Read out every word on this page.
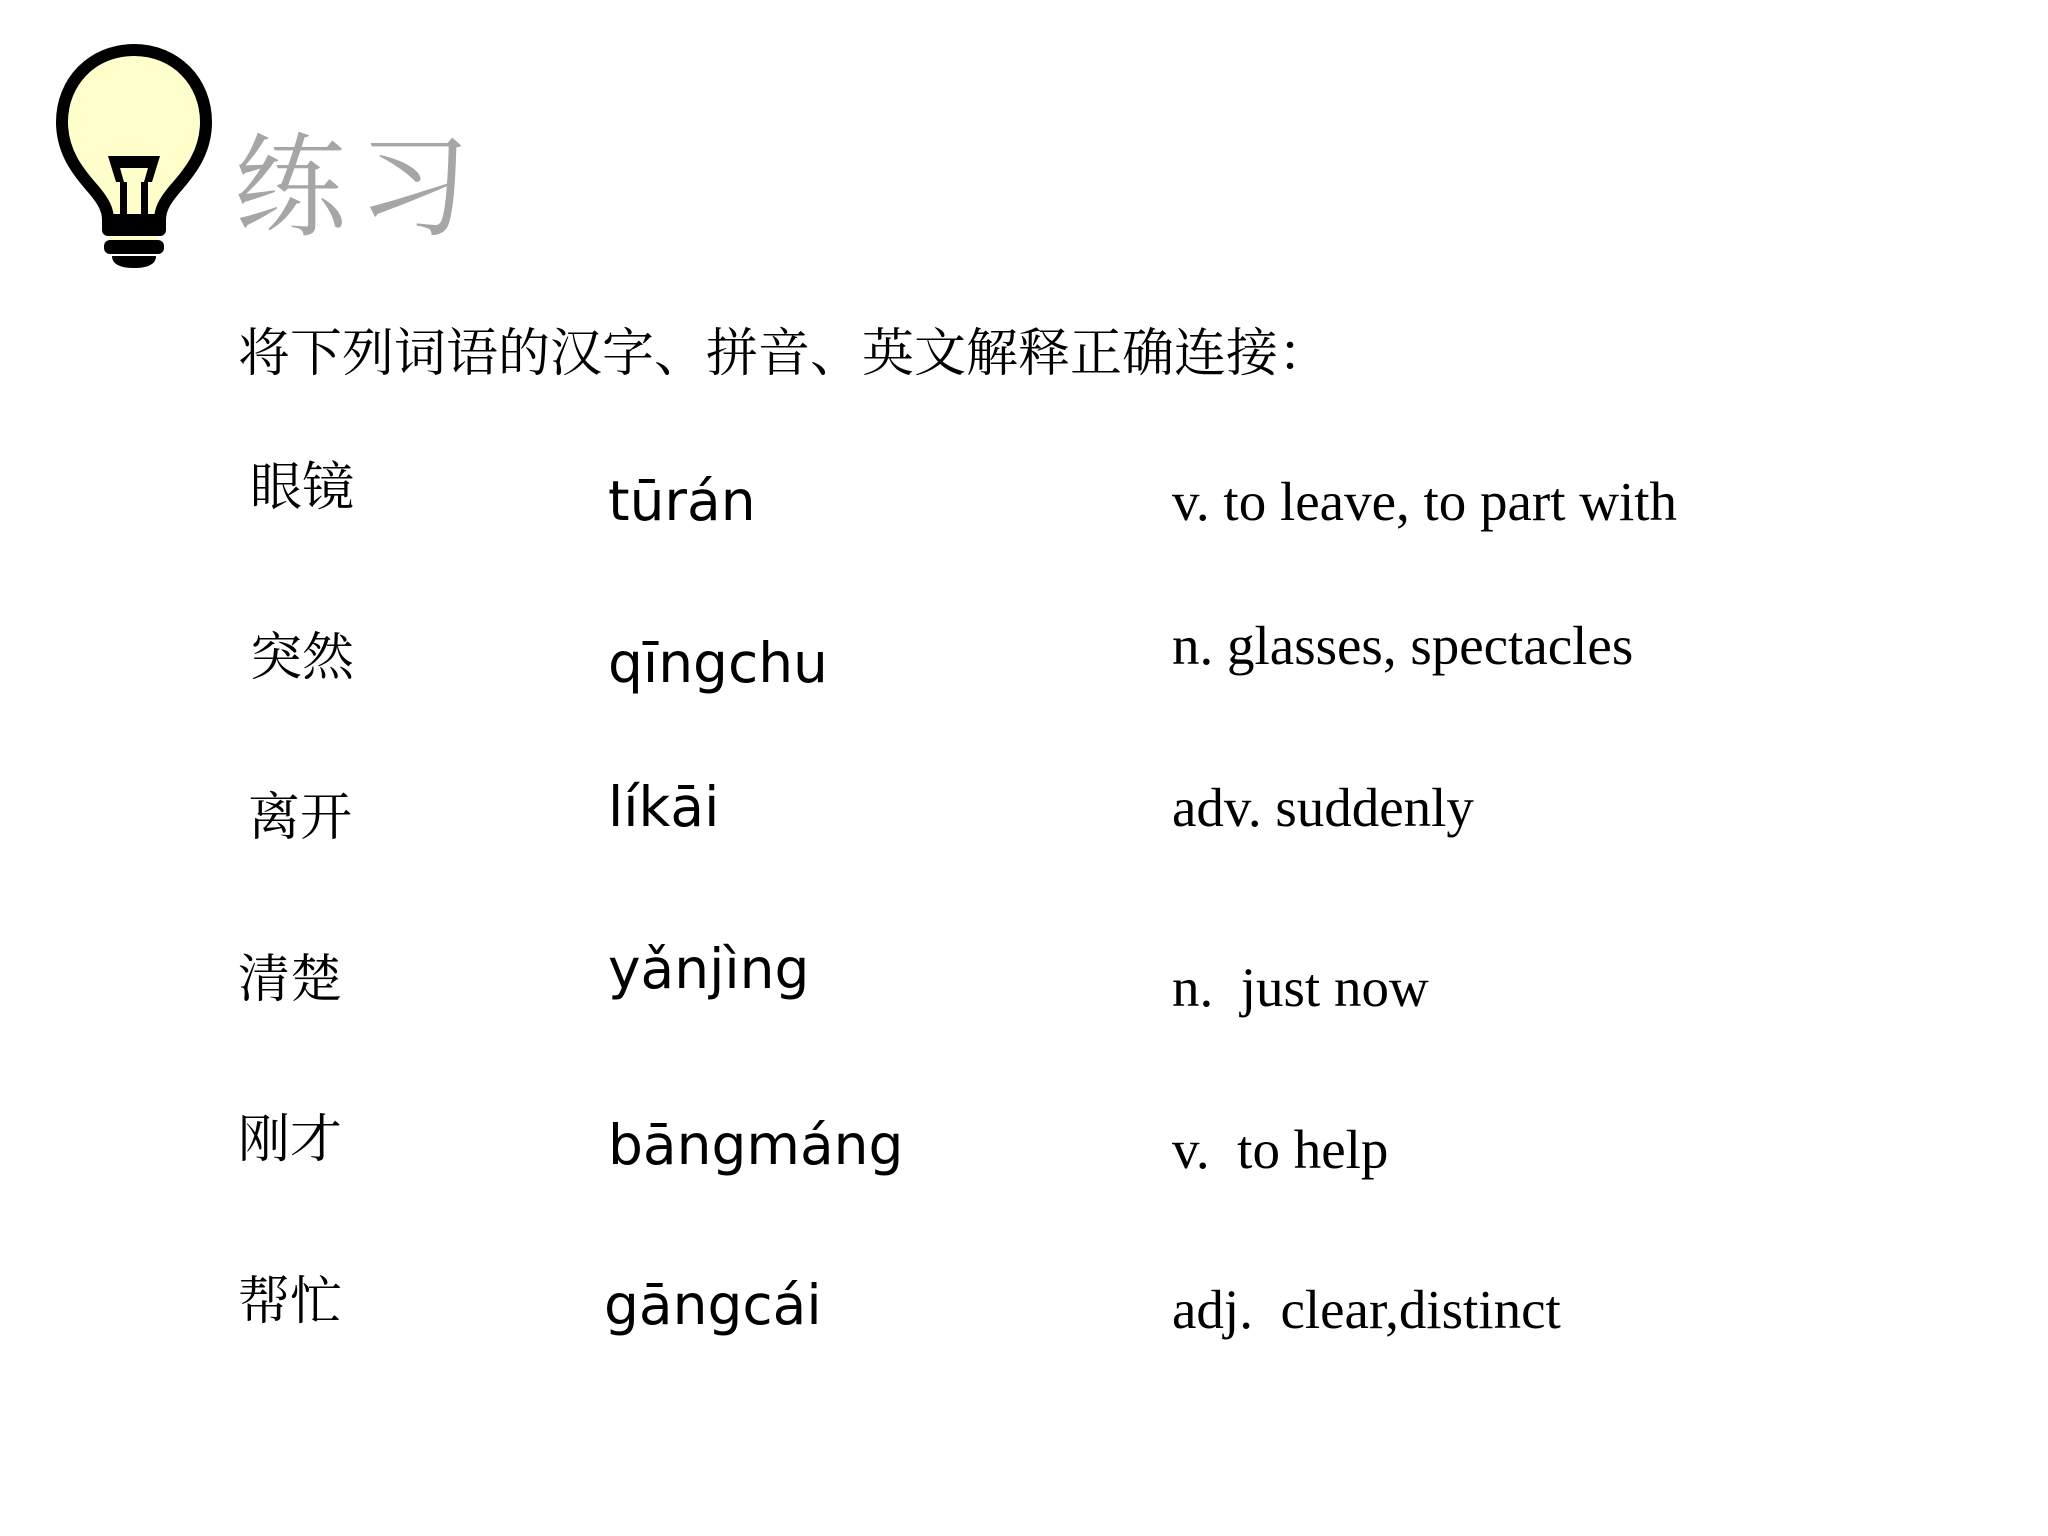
练习
将下列词语的汉字、拼音、英文解释正确连接：
眼镜
突然
离开
清楚
刚才
帮忙
tūrán
qīngchu
líkāi
yǎnjìng
bāngmáng
gāngcái
v. to leave, to part with
n. glasses, spectacles
adv. suddenly
n.  just now
v.  to help
adj.  clear,distinct
